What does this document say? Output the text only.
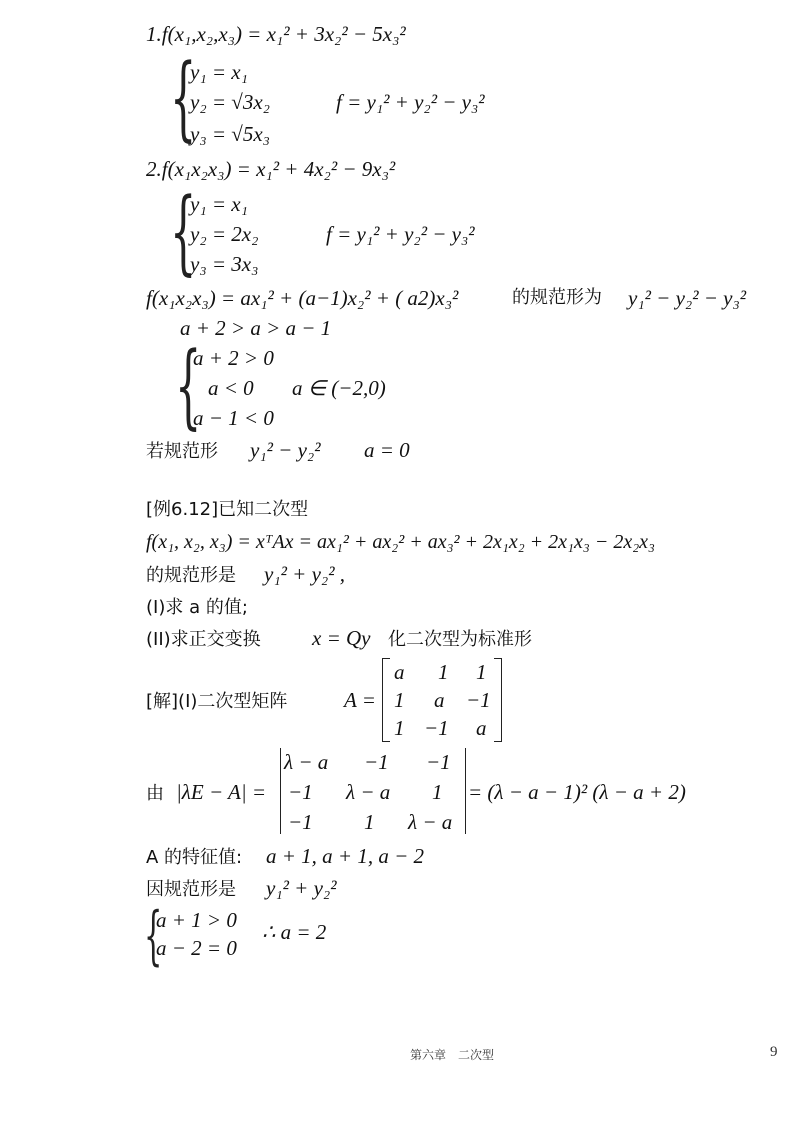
1.f(x₁,x₂,x₃) = x₁² + 3x₂² − 5x₃²
{
y₁ = x₁
y₂ = √3x₂
y₃ = √5x₃
f = y₁² + y₂² − y₃²
2.f(x₁x₂x₃) = x₁² + 4x₂² − 9x₃²
{
y₁ = x₁
y₂ = 2x₂
y₃ = 3x₃
f = y₁² + y₂² − y₃²
f(x₁x₂x₃) = ax₁² + (a−1)x₂² + ( a2)x₃²	的规范形为 y₁² − y₂² − y₃²
a + 2 > a > a − 1
{
a + 2 > 0
a < 0 a ∈ (−2,0)
a − 1 < 0
若规范形 y₁² − y₂² a = 0
[例6.12]已知二次型
f(x₁, x₂, x₃) = xᵀAx = ax₁² + ax₂² + ax₃² + 2x₁x₂ + 2x₁x₃ − 2x₂x₃
的规范形是 y₁² + y₂² ,
(I)求 a 的值;
(II)求正交变换 x = Qy 化二次型为标准形
[解](I)二次型矩阵	A =
a 1 1
1 a −1
1 −1 a
由 |λE − A| =
λ − a −1 −1
−1 λ − a 1
−1 1 λ − a
= (λ − a − 1)² (λ − a + 2)
A 的特征值: a + 1, a + 1, a − 2
因规范形是 y₁² + y₂²
{
a + 1 > 0
a − 2 = 0
∴ a = 2
第六章　二次型	9
